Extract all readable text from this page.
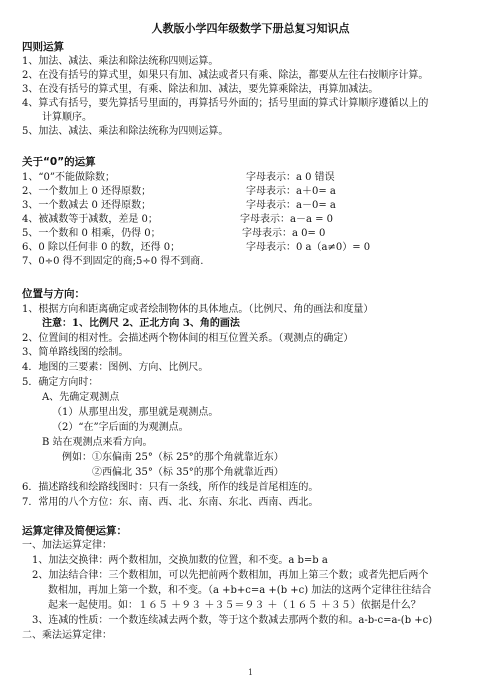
人教版小学四年级数学下册总复习知识点
四则运算
1、加法、减法、乘法和除法统称四则运算。
2、在没有括号的算式里，如果只有加、减法或者只有乘、除法，都要从左往右按顺序计算。
3、在没有括号的算式里，有乘、除法和加、减法，要先算乘除法，再算加减法。
4、算式有括号，要先算括号里面的，再算括号外面的；括号里面的算式计算顺序遵循以上的
计算顺序。
5、加法、减法、乘法和除法统称为四则运算。
关于“0”的运算
1、“0”不能做除数；	字母表示：a 0 错误
2、一个数加上 0 还得原数；	字母表示：a＋0= a
3、一个数减去 0 还得原数；	字母表示：a－0= a
4、被减数等于减数，差是 0；	字母表示：a－a = 0
5、一个数和 0 相乘，仍得 0；	字母表示：a 0= 0
6、0 除以任何非 0 的数，还得 0；	字母表示：0 a（a≠0）= 0
7、0÷0 得不到固定的商;5÷0 得不到商.
位置与方向：
1、根据方向和距离确定或者绘制物体的具体地点。（比例尺、角的画法和度量）
注意：1、比例尺 2、正北方向 3、角的画法
2、位置间的相对性。会描述两个物体间的相互位置关系。（观测点的确定）
3、简单路线图的绘制。
4．地图的三要素：图例、方向、比例尺。
5．确定方向时：
A、先确定观测点
（1）从那里出发，那里就是观测点。
（2）“在”字后面的为观测点。
B 站在观测点来看方向。
例如：①东偏南 25°（标 25°的那个角就靠近东）
②西偏北 35°（标 35°的那个角就靠近西）
6．描述路线和绘路线图时：只有一条线，所作的线是首尾相连的。
7．常用的八个方位：东、南、西、北、东南、东北、西南、西北。
运算定律及简便运算：
一、加法运算定律：
1、加法交换律：两个数相加，交换加数的位置，和不变。a b=b a
2、加法结合律：三个数相加，可以先把前两个数相加，再加上第三个数；或者先把后两个
数相加，再加上第一个数，和不变。（a +b+c=a +(b +c) 加法的这两个定律往往结合
起来一起使用。如：１６５ ＋９３ ＋３５＝９３ ＋（１６５ ＋３５）依据是什么？
3、连减的性质：一个数连续减去两个数，等于这个数减去那两个数的和。a-b-c=a-(b +c)
二、乘法运算定律：
1
